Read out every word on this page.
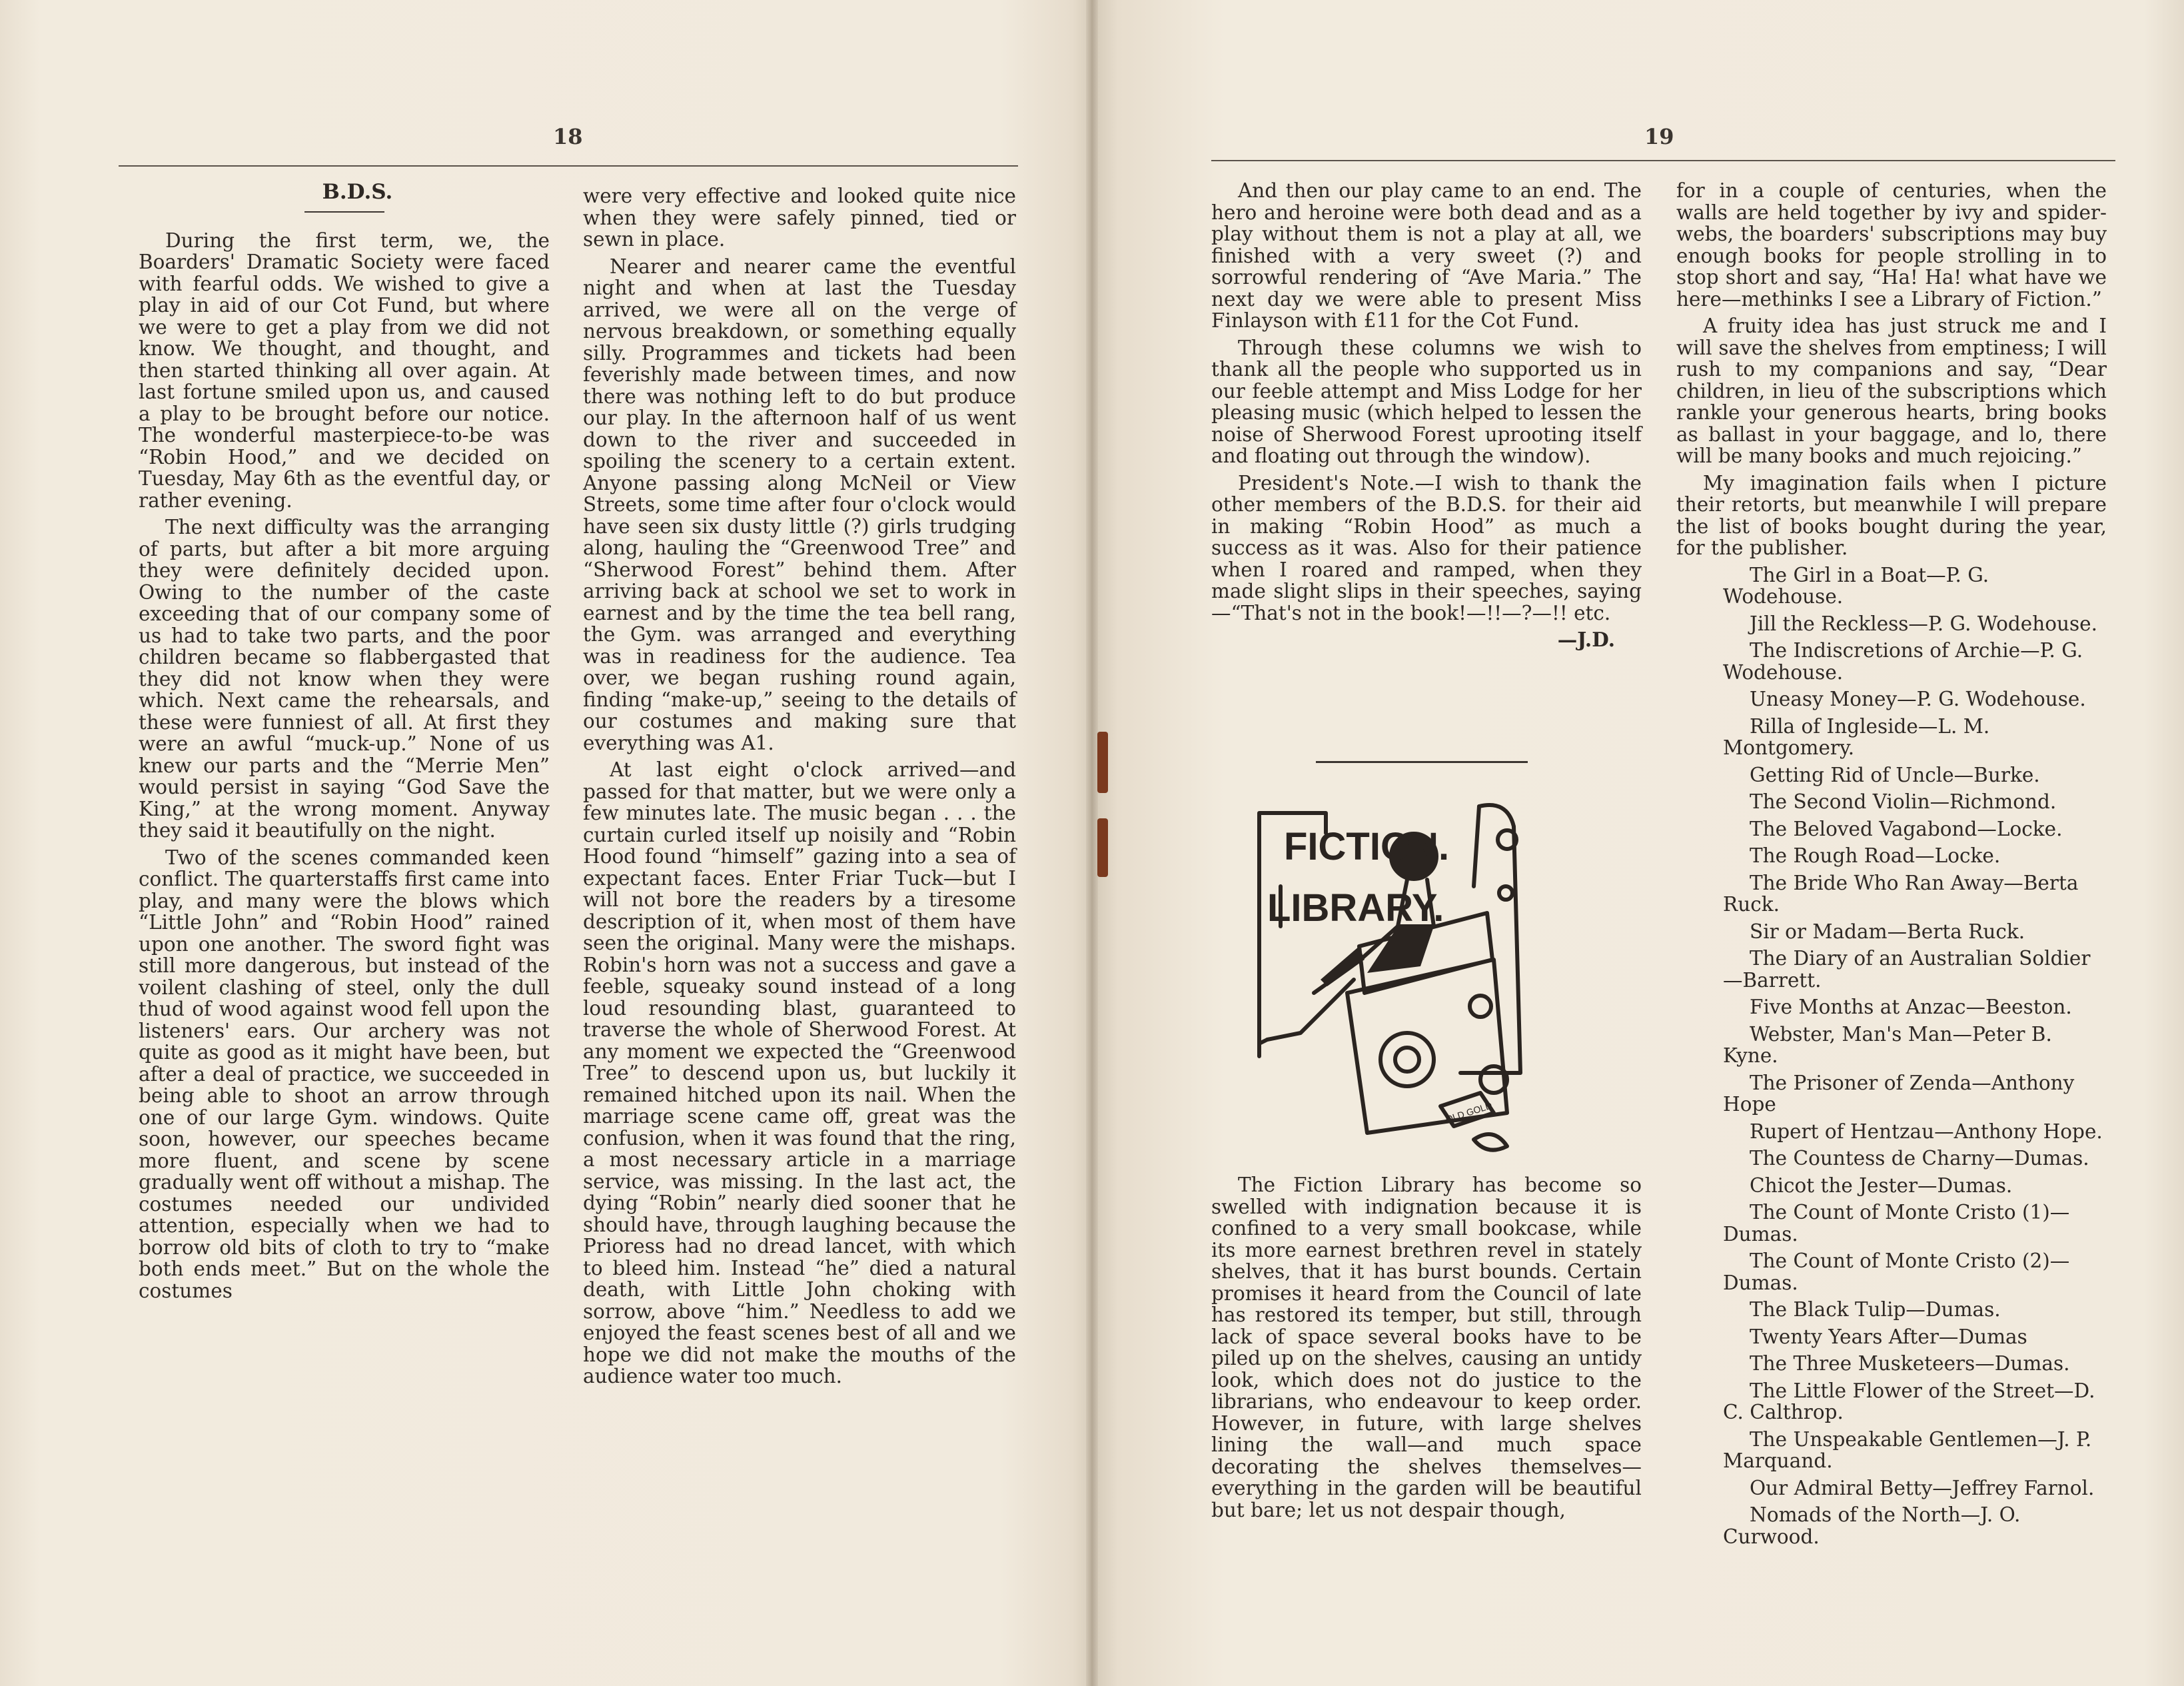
18

B.D.S.

During the first term, we, the Boarders' Dramatic Society were faced with fearful odds. We wished to give a play in aid of our Cot Fund, but where we were to get a play from we did not know. We thought, and thought, and then started thinking all over again. At last fortune smiled upon us, and caused a play to be brought before our notice. The wonderful masterpiece-to-be was “Robin Hood,” and we decided on Tuesday, May 6th as the eventful day, or rather evening.

The next difficulty was the arranging of parts, but after a bit more arguing they were definitely decided upon. Owing to the number of the caste exceeding that of our company some of us had to take two parts, and the poor children became so flabbergasted that they did not know when they were which. Next came the rehearsals, and these were funniest of all. At first they were an awful “muck-up.” None of us knew our parts and the “Merrie Men” would persist in saying “God Save the King,” at the wrong moment. Anyway they said it beautifully on the night.

Two of the scenes commanded keen conflict. The quarterstaffs first came into play, and many were the blows which “Little John” and “Robin Hood” rained upon one another. The sword fight was still more dangerous, but instead of the voilent clashing of steel, only the dull thud of wood against wood fell upon the listeners' ears. Our archery was not quite as good as it might have been, but after a deal of practice, we succeeded in being able to shoot an arrow through one of our large Gym. windows. Quite soon, however, our speeches became more fluent, and scene by scene gradually went off without a mishap. The costumes needed our undivided attention, especially when we had to borrow old bits of cloth to try to “make both ends meet.” But on the whole the costumes

were very effective and looked quite nice when they were safely pinned, tied or sewn in place.

Nearer and nearer came the eventful night and when at last the Tuesday arrived, we were all on the verge of nervous breakdown, or something equally silly. Programmes and tickets had been feverishly made between times, and now there was nothing left to do but produce our play. In the afternoon half of us went down to the river and succeeded in spoiling the scenery to a certain extent. Anyone passing along McNeil or View Streets, some time after four o'clock would have seen six dusty little (?) girls trudging along, hauling the “Greenwood Tree” and “Sherwood Forest” behind them. After arriving back at school we set to work in earnest and by the time the tea bell rang, the Gym. was arranged and everything was in readiness for the audience. Tea over, we began rushing round again, finding “make-up,” seeing to the details of our costumes and making sure that everything was A1.

At last eight o'clock arrived—and passed for that matter, but we were only a few minutes late. The music began . . . the curtain curled itself up noisily and “Robin Hood found “himself” gazing into a sea of expectant faces. Enter Friar Tuck—but I will not bore the readers by a tiresome description of it, when most of them have seen the original. Many were the mishaps. Robin's horn was not a success and gave a feeble, squeaky sound instead of a long loud resounding blast, guaranteed to traverse the whole of Sherwood Forest. At any moment we expected the “Greenwood Tree” to descend upon us, but luckily it remained hitched upon its nail. When the marriage scene came off, great was the confusion, when it was found that the ring, a most necessary article in a marriage service, was missing. In the last act, the dying “Robin” nearly died sooner that he should have, through laughing because the Prioress had no dread lancet, with which to bleed him. Instead “he” died a natural death, with Little John choking with sorrow, above “him.” Needless to add we enjoyed the feast scenes best of all and we hope we did not make the mouths of the audience water too much.

19

And then our play came to an end. The hero and heroine were both dead and as a play without them is not a play at all, we finished with a very sweet (?) and sorrowful rendering of “Ave Maria.” The next day we were able to present Miss Finlayson with £11 for the Cot Fund.

Through these columns we wish to thank all the people who supported us in our feeble attempt and Miss Lodge for her pleasing music (which helped to lessen the noise of Sherwood Forest uprooting itself and floating out through the window).

President's Note.—I wish to thank the other members of the B.D.S. for their aid in making “Robin Hood” as much a success as it was. Also for their patience when I roared and ramped, when they made slight slips in their speeches, saying—“That's not in the book!—!!—?—!! etc.

—J.D.

FICTION.
LIBRARY.
OLD GOLD

The Fiction Library has become so swelled with indignation because it is confined to a very small bookcase, while its more earnest brethren revel in stately shelves, that it has burst bounds. Certain promises it heard from the Council of late has restored its temper, but still, through lack of space several books have to be piled up on the shelves, causing an untidy look, which does not do justice to the librarians, who endeavour to keep order. However, in future, with large shelves lining the wall—and much space decorating the shelves themselves—everything in the garden will be beautiful but bare; let us not despair though,

for in a couple of centuries, when the walls are held together by ivy and spider-webs, the boarders' subscriptions may buy enough books for people strolling in to stop short and say, “Ha! Ha! what have we here—methinks I see a Library of Fiction.”

A fruity idea has just struck me and I will save the shelves from emptiness; I will rush to my companions and say, “Dear children, in lieu of the subscriptions which rankle your generous hearts, bring books as ballast in your baggage, and lo, there will be many books and much rejoicing.”

My imagination fails when I picture their retorts, but meanwhile I will prepare the list of books bought during the year, for the publisher.

The Girl in a Boat—P. G. Wodehouse.

Jill the Reckless—P. G. Wodehouse.

The Indiscretions of Archie—P. G. Wodehouse.

Uneasy Money—P. G. Wodehouse.

Rilla of Ingleside—L. M. Montgomery.

Getting Rid of Uncle—Burke.

The Second Violin—Richmond.

The Beloved Vagabond—Locke.

The Rough Road—Locke.

The Bride Who Ran Away—Berta Ruck.

Sir or Madam—Berta Ruck.

The Diary of an Australian Soldier—Barrett.

Five Months at Anzac—Beeston.

Webster, Man's Man—Peter B. Kyne.

The Prisoner of Zenda—Anthony Hope

Rupert of Hentzau—Anthony Hope.

The Countess de Charny—Dumas.

Chicot the Jester—Dumas.

The Count of Monte Cristo (1)—Dumas.

The Count of Monte Cristo (2)—Dumas.

The Black Tulip—Dumas.

Twenty Years After—Dumas

The Three Musketeers—Dumas.

The Little Flower of the Street—D. C. Calthrop.

The Unspeakable Gentlemen—J. P. Marquand.

Our Admiral Betty—Jeffrey Farnol.

Nomads of the North—J. O. Curwood.
